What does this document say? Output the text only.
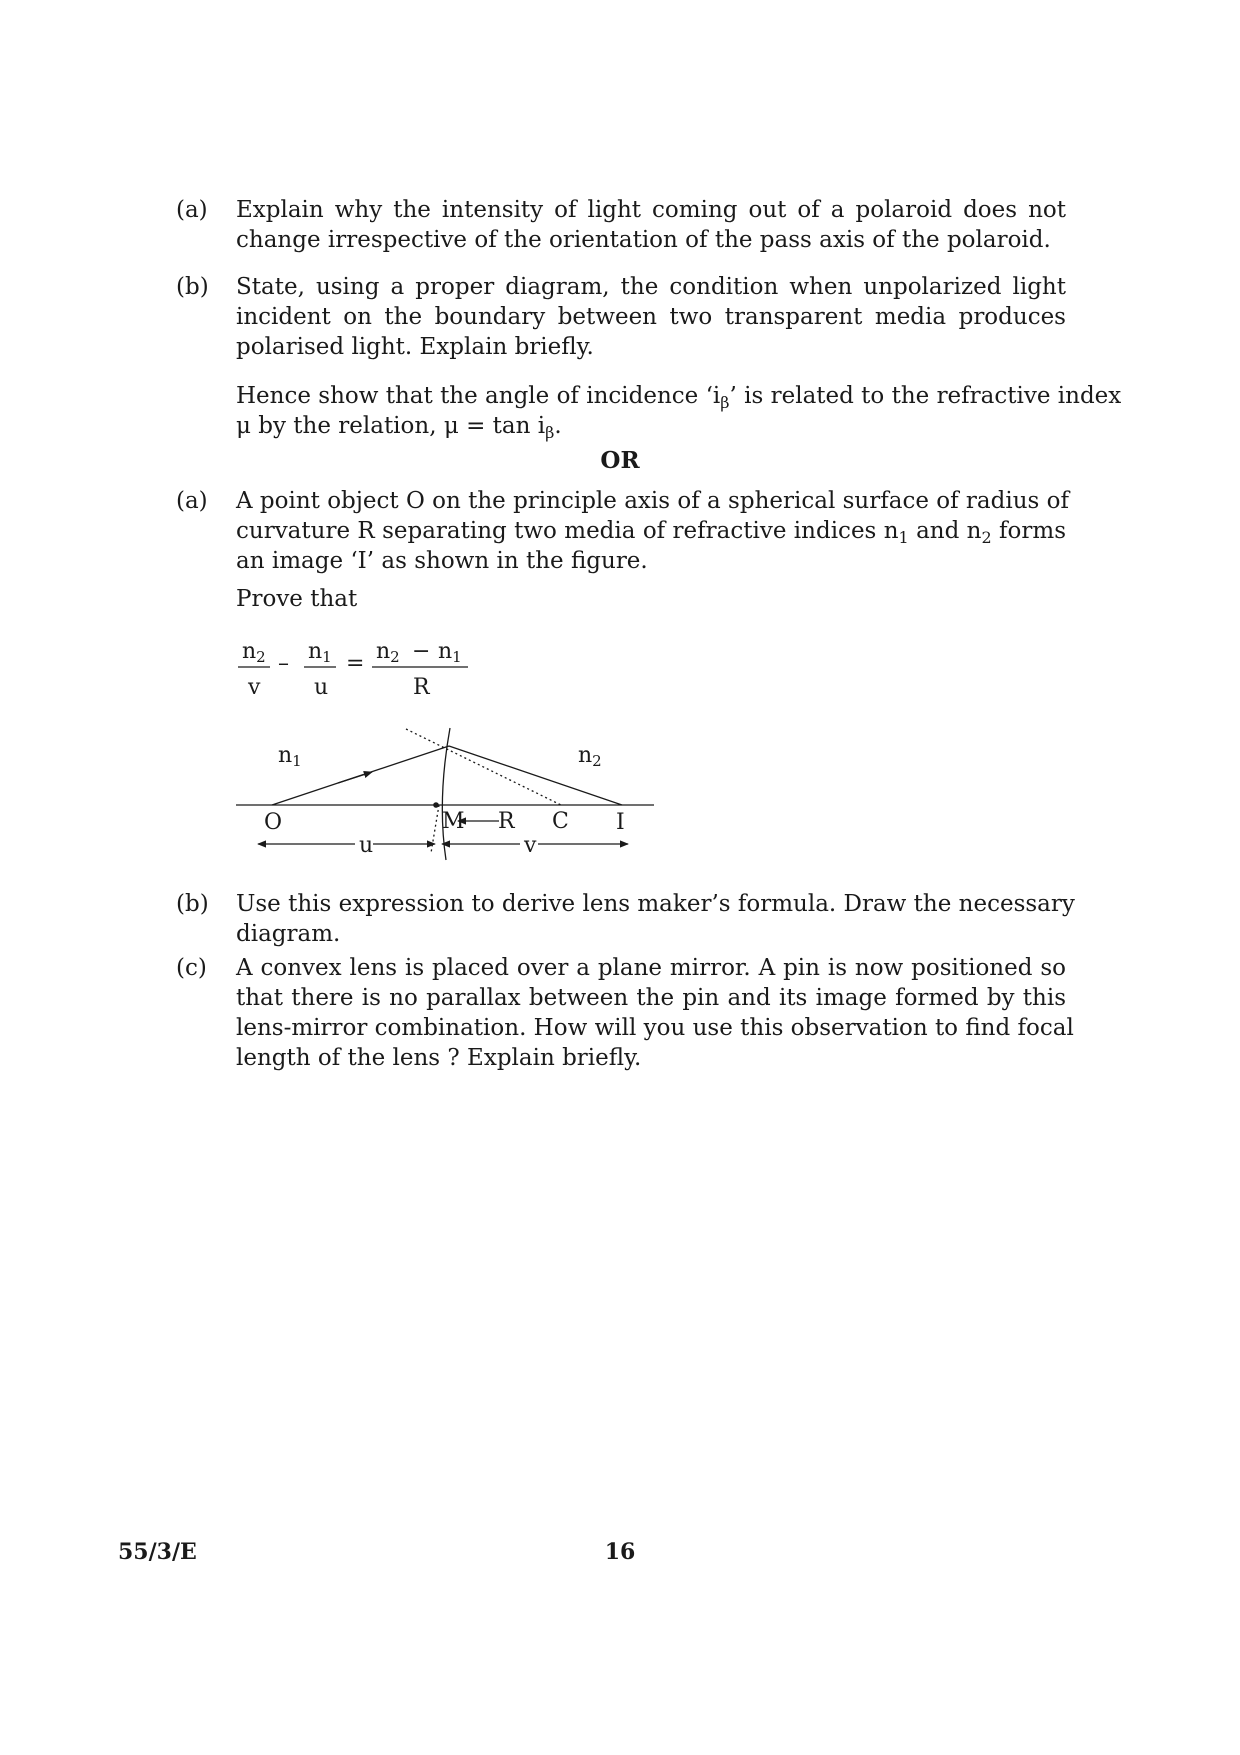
(a) Explain why the intensity of light coming out of a polaroid does not
change irrespective of the orientation of the pass axis of the polaroid.
(b) State, using a proper diagram, the condition when unpolarized light
incident on the boundary between two transparent media produces
polarised light. Explain briefly.
Hence show that the angle of incidence ‘$i_\beta$’ is related to the refractive index
μ by the relation, $\mu = \tan i_\beta$.
OR
(a) A point object O on the principle axis of a spherical surface of radius of
curvature R separating two media of refractive indices $n_1$ and $n_2$ forms
an image ‘I’ as shown in the figure.
Prove that
n2
v
– n1
u
= n2 − n1
R
n1	n2
O	M	C I
R
u	v
(b) Use this expression to derive lens maker’s formula. Draw the necessary
diagram.
(c) A convex lens is placed over a plane mirror. A pin is now positioned so
that there is no parallax between the pin and its image formed by this
lens-mirror combination. How will you use this observation to find focal
length of the lens ? Explain briefly.
55/3/E	16
